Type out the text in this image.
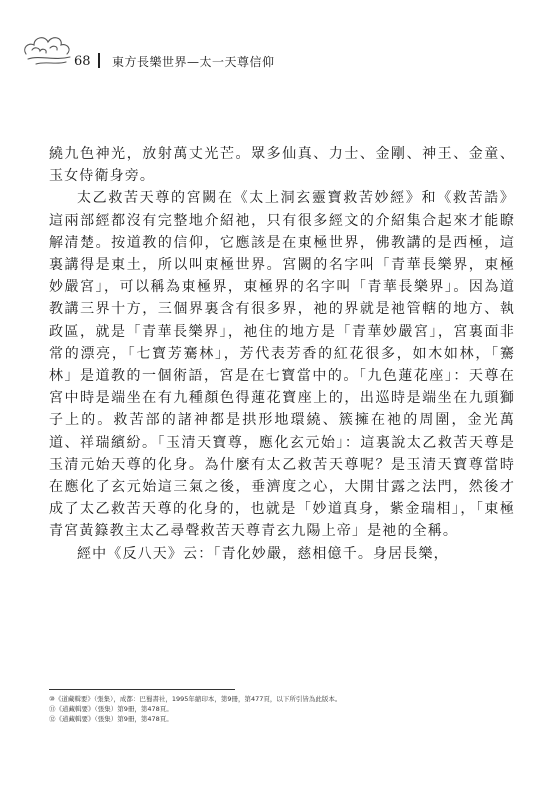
68 東方長樂世界—太一天尊信仰

繞九色神光，放射萬丈光芒。眾多仙真、力士、金剛、神王、金童、玉女侍衛身旁。

太乙救苦天尊的宮闕在《太上洞玄靈寶救苦妙經》和《救苦誥》這兩部經都沒有完整地介紹祂，只有很多經文的介紹集合起來才能瞭解清楚。按道教的信仰，它應該是在東極世界，佛教講的是西極，這裏講得是東土，所以叫東極世界。宮闕的名字叫「青華長樂界，東極妙嚴宮」，可以稱為東極界，東極界的名字叫「青華長樂界」。因為道教講三界十方，三個界裏含有很多界，祂的界就是祂管轄的地方、執政區，就是「青華長樂界」，祂住的地方是「青華妙嚴宮」，宮裏面非常的漂亮，「七寶芳騫林」，芳代表芳香的紅花很多，如木如林，「騫林」是道教的一個術語，宮是在七寶當中的。「九色蓮花座」：天尊在宮中時是端坐在有九種顏色得蓮花寶座上的，出巡時是端坐在九頭獅子上的。救苦部的諸神都是拱形地環繞、簇擁在祂的周圍，金光萬道、祥瑞繽紛。「玉清天寶尊，應化玄元始」：這裏說太乙救苦天尊是玉清元始天尊的化身。為什麼有太乙救苦天尊呢？是玉清天寶尊當時在應化了玄元始這三氣之後，垂濟度之心，大開甘露之法門，然後才成了太乙救苦天尊的化身的，也就是「妙道真身，紫金瑞相」，「東極青宮黃籙教主太乙尋聲救苦天尊青玄九陽上帝」是祂的全稱。

經中《反八天》云：「青化妙嚴，慈相億千。身居長樂，

⑩《道藏輯要》（張集），成都：巴蜀書社，1995年縮印本，第9冊，第477頁，以下所引皆為此版本。
⑪《道藏輯要》（張集）第9冊，第478頁。
⑫《道藏輯要》（張集）第9冊，第478頁。
